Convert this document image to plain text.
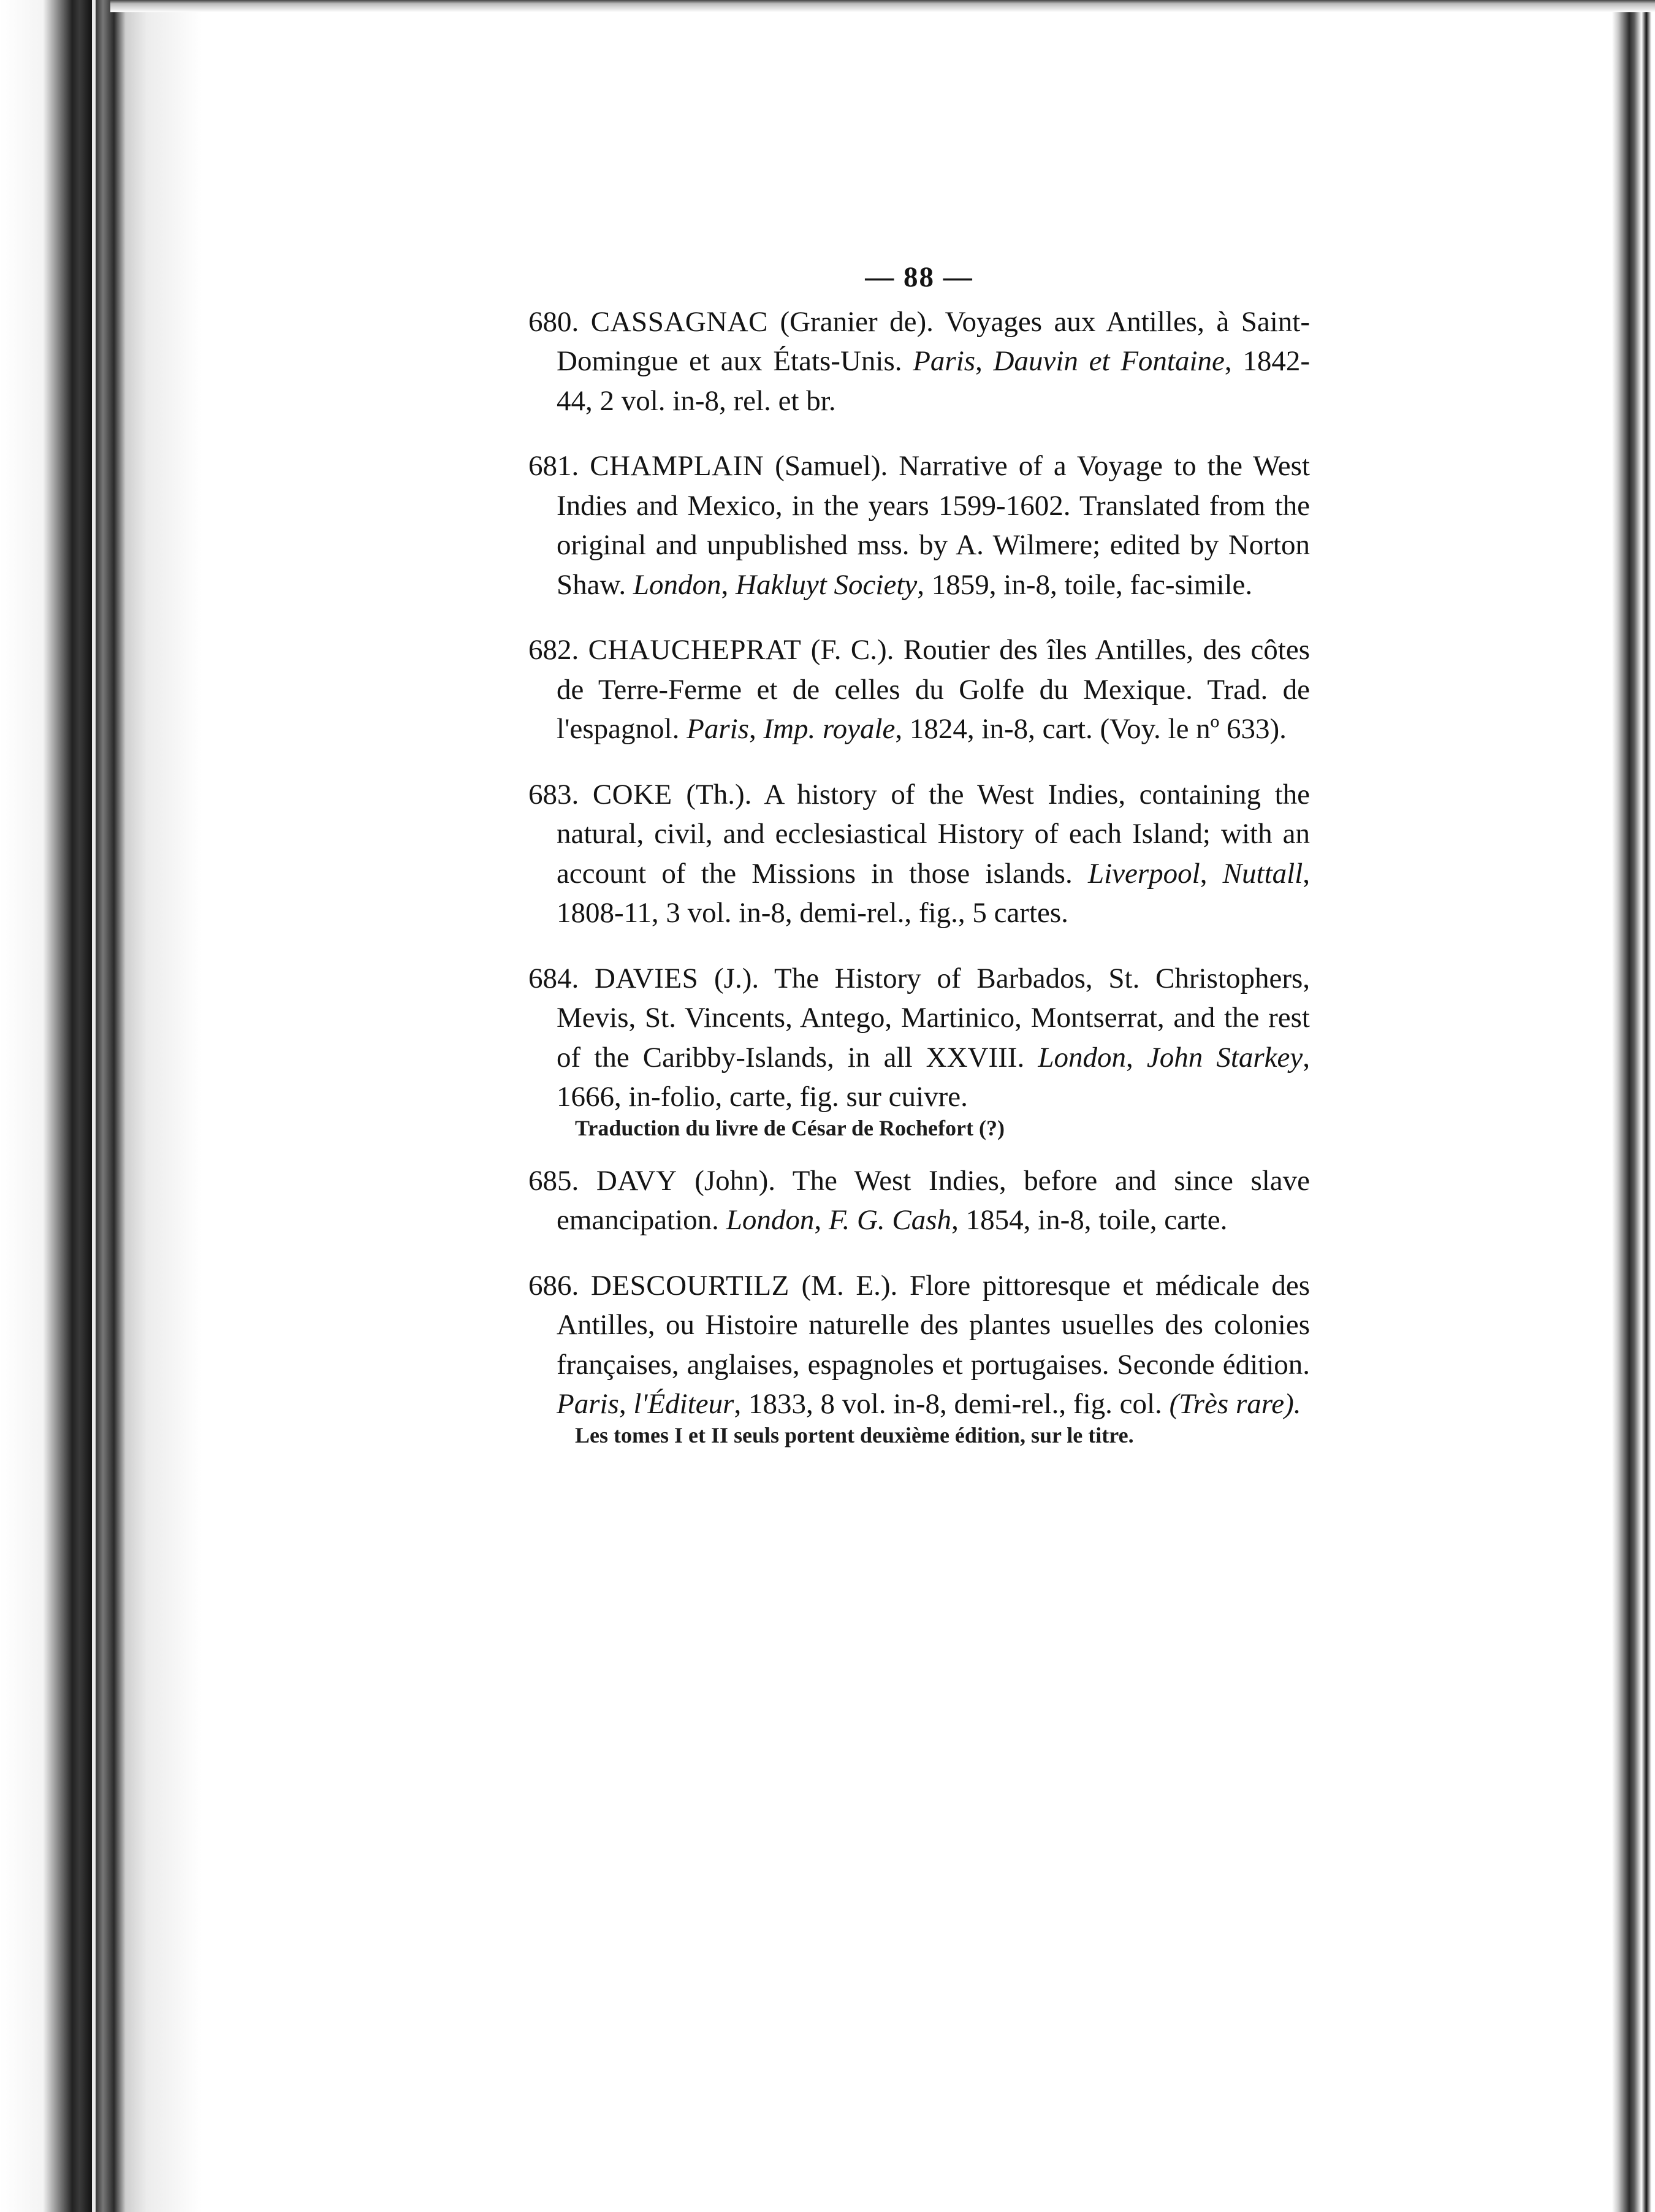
— 88 —
680. CASSAGNAC (Granier de). Voyages aux Antilles, à Saint-Domingue et aux États-Unis. Paris, Dauvin et Fontaine, 1842-44, 2 vol. in-8, rel. et br.
681. CHAMPLAIN (Samuel). Narrative of a Voyage to the West Indies and Mexico, in the years 1599-1602. Translated from the original and unpublished mss. by A. Wilmere; edited by Norton Shaw. London, Hakluyt Society, 1859, in-8, toile, fac-simile.
682. CHAUCHEPRAT (F. C.). Routier des îles Antilles, des côtes de Terre-Ferme et de celles du Golfe du Mexique. Trad. de l'espagnol. Paris, Imp. royale, 1824, in-8, cart. (Voy. le nº 633).
683. COKE (Th.). A history of the West Indies, containing the natural, civil, and ecclesiastical History of each Island; with an account of the Missions in those islands. Liverpool, Nuttall, 1808-11, 3 vol. in-8, demi-rel., fig., 5 cartes.
684. DAVIES (J.). The History of Barbados, St. Christophers, Mevis, St. Vincents, Antego, Martinico, Montserrat, and the rest of the Caribby-Islands, in all XXVIII. London, John Starkey, 1666, in-folio, carte, fig. sur cuivre.
Traduction du livre de César de Rochefort (?)
685. DAVY (John). The West Indies, before and since slave emancipation. London, F. G. Cash, 1854, in-8, toile, carte.
686. DESCOURTILZ (M. E.). Flore pittoresque et médicale des Antilles, ou Histoire naturelle des plantes usuelles des colonies françaises, anglaises, espagnoles et portugaises. Seconde édition. Paris, l'Éditeur, 1833, 8 vol. in-8, demi-rel., fig. col. (Très rare).
Les tomes I et II seuls portent deuxième édition, sur le titre.
